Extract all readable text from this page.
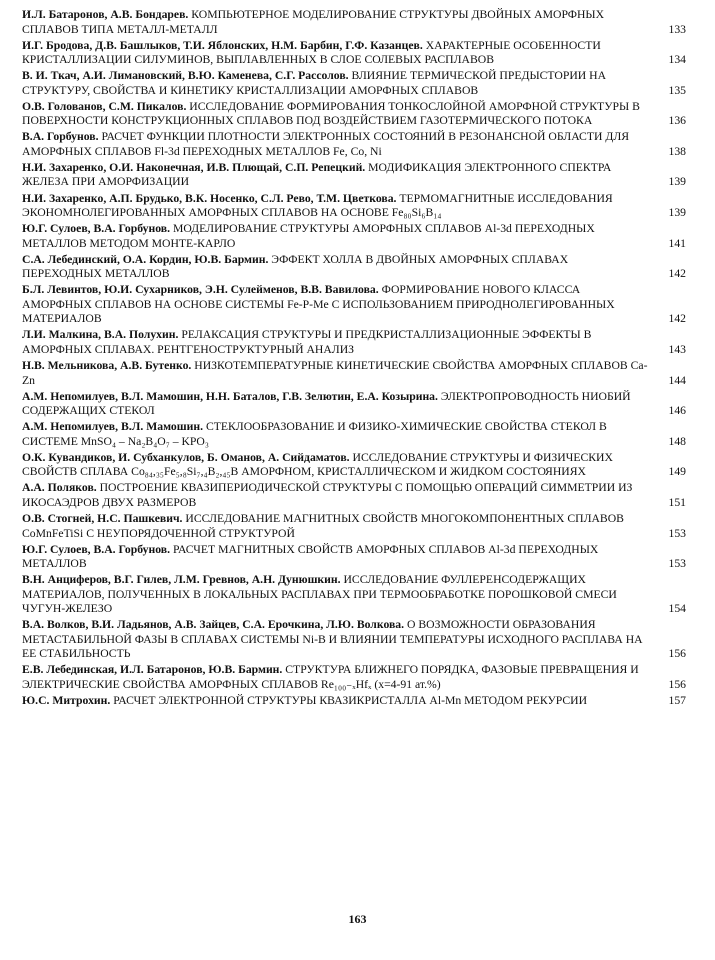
И.Л. Батаронов, А.В. Бондарев. КОМПЬЮТЕРНОЕ МОДЕЛИРОВАНИЕ СТРУКТУРЫ ДВОЙНЫХ АМОРФНЫХ СПЛАВОВ ТИПА МЕТАЛЛ-МЕТАЛЛ	133
И.Г. Бродова, Д.В. Башлыков, Т.И. Яблонских, Н.М. Барбин, Г.Ф. Казанцев. ХАРАКТЕРНЫЕ ОСОБЕННОСТИ КРИСТАЛЛИЗАЦИИ СИЛУМИНОВ, ВЫПЛАВЛЕННЫХ В СЛОЕ СОЛЕВЫХ РАСПЛАВОВ	134
В. И. Ткач, А.И. Лимановский, В.Ю. Каменева, С.Г. Рассолов. ВЛИЯНИЕ ТЕРМИЧЕСКОЙ ПРЕДЫСТОРИИ НА СТРУКТУРУ, СВОЙСТВА И КИНЕТИКУ КРИСТАЛЛИЗАЦИИ АМОРФНЫХ СПЛАВОВ	135
О.В. Голованов, С.М. Пикалов. ИССЛЕДОВАНИЕ ФОРМИРОВАНИЯ ТОНКОСЛОЙНОЙ АМОРФНОЙ СТРУКТУРЫ В ПОВЕРХНОСТИ КОНСТРУКЦИОННЫХ СПЛАВОВ ПОД ВОЗДЕЙСТВИЕМ ГАЗОТЕРМИЧЕСКОГО ПОТОКА	136
В.А. Горбунов. РАСЧЕТ ФУНКЦИИ ПЛОТНОСТИ ЭЛЕКТРОННЫХ СОСТОЯНИЙ В РЕЗОНАНСНОЙ ОБЛАСТИ ДЛЯ АМОРФНЫХ СПЛАВОВ Fl-3d ПЕРЕХОДНЫХ МЕТАЛЛОВ Fe, Co, Ni	138
Н.И. Захаренко, О.И. Наконечная, И.В. Плющай, С.П. Репецкий. МОДИФИКАЦИЯ ЭЛЕКТРОННОГО СПЕКТРА ЖЕЛЕЗА ПРИ АМОРФИЗАЦИИ	139
Н.И. Захаренко, А.П. Брудько, В.К. Носенко, С.Л. Рево, Т.М. Цветкова. ТЕРМОМАГНИТНЫЕ ИССЛЕДОВАНИЯ ЭКОНОМНОЛЕГИРОВАННЫХ АМОРФНЫХ СПЛАВОВ НА ОСНОВЕ Fe₈₀Si₆B₁₄	139
Ю.Г. Сулоев, В.А. Горбунов. МОДЕЛИРОВАНИЕ СТРУКТУРЫ АМОРФНЫХ СПЛАВОВ Al-3d ПЕРЕХОДНЫХ МЕТАЛЛОВ МЕТОДОМ МОНТЕ-КАРЛО	141
С.А. Лебединский, О.А. Кордин, Ю.В. Бармин. ЭФФЕКТ ХОЛЛА В ДВОЙНЫХ АМОРФНЫХ СПЛАВАХ ПЕРЕХОДНЫХ МЕТАЛЛОВ	142
Б.Л. Левинтов, Ю.И. Сухарников, Э.Н. Сулейменов, В.В. Вавилова. ФОРМИРОВАНИЕ НОВОГО КЛАССА АМОРФНЫХ СПЛАВОВ НА ОСНОВЕ СИСТЕМЫ Fe-P-Me С ИСПОЛЬЗОВАНИЕМ ПРИРОДНОЛЕГИРОВАННЫХ МАТЕРИАЛОВ	142
Л.И. Малкина, В.А. Полухин. РЕЛАКСАЦИЯ СТРУКТУРЫ И ПРЕДКРИСТАЛЛИЗАЦИОННЫЕ ЭФФЕКТЫ В АМОРФНЫХ СПЛАВАХ. РЕНТГЕНОСТРУКТУРНЫЙ АНАЛИЗ	143
Н.В. Мельникова, А.В. Бутенко. НИЗКОТЕМПЕРАТУРНЫЕ КИНЕТИЧЕСКИЕ СВОЙСТВА АМОРФНЫХ СПЛАВОВ Ca-Zn	144
А.М. Непомилуев, В.Л. Мамошин, Н.Н. Баталов, Г.В. Зелютин, Е.А. Козырина. ЭЛЕКТРОПРОВОДНОСТЬ НИОБИЙ СОДЕРЖАЩИХ СТЕКОЛ	146
А.М. Непомилуев, В.Л. Мамошин. СТЕКЛООБРАЗОВАНИЕ И ФИЗИКО-ХИМИЧЕСКИЕ СВОЙСТВА СТЕКОЛ В СИСТЕМЕ MnSO₄ – Na₂B₄O₇ – KPO₃	148
О.К. Кувандиков, И. Субханкулов, Б. Оманов, А. Сийдаматов. ИССЛЕДОВАНИЕ СТРУКТУРЫ И ФИЗИЧЕСКИХ СВОЙСТВ СПЛАВА Co₈₄,₃₅Fe₅,₈Si₇,₄B₂,₄₅B АМОРФНОМ, КРИСТАЛЛИЧЕСКОМ И ЖИДКОМ СОСТОЯНИЯХ	149
А.А. Поляков. ПОСТРОЕНИЕ КВАЗИПЕРИОДИЧЕСКОЙ СТРУКТУРЫ С ПОМОЩЬЮ ОПЕРАЦИЙ СИММЕТРИИ ИЗ ИКОСАЭДРОВ ДВУХ РАЗМЕРОВ	151
О.В. Стогней, Н.С. Пашкевич. ИССЛЕДОВАНИЕ МАГНИТНЫХ СВОЙСТВ МНОГОКОМПОНЕНТНЫХ СПЛАВОВ CoMnFeTiSi С НЕУПОРЯДОЧЕННОЙ СТРУКТУРОЙ	153
Ю.Г. Сулоев, В.А. Горбунов. РАСЧЕТ МАГНИТНЫХ СВОЙСТВ АМОРФНЫХ СПЛАВОВ Al-3d ПЕРЕХОДНЫХ МЕТАЛЛОВ	153
В.Н. Анциферов, В.Г. Гилев, Л.М. Гревнов, А.Н. Дунюшкин. ИССЛЕДОВАНИЕ ФУЛЛЕРЕНСОДЕРЖАЩИХ МАТЕРИАЛОВ, ПОЛУЧЕННЫХ В ЛОКАЛЬНЫХ РАСПЛАВАХ ПРИ ТЕРМООБРАБОТКЕ ПОРОШКОВОЙ СМЕСИ ЧУГУН-ЖЕЛЕЗО	154
В.А. Волков, В.И. Ладьянов, А.В. Зайцев, С.А. Ерочкина, Л.Ю. Волкова. О ВОЗМОЖНОСТИ ОБРАЗОВАНИЯ МЕТАСТАБИЛЬНОЙ ФАЗЫ В СПЛАВАХ СИСТЕМЫ Ni-B И ВЛИЯНИИ ТЕМПЕРАТУРЫ ИСХОДНОГО РАСПЛАВА НА ЕЕ СТАБИЛЬНОСТЬ	156
Е.В. Лебединская, И.Л. Батаронов, Ю.В. Бармин. СТРУКТУРА БЛИЖНЕГО ПОРЯДКА, ФАЗОВЫЕ ПРЕВРАЩЕНИЯ И ЭЛЕКТРИЧЕСКИЕ СВОЙСТВА АМОРФНЫХ СПЛАВОВ Re₁₀₀₋ₓHfₓ (x=4-91 ат.%)	156
Ю.С. Митрохин. РАСЧЕТ ЭЛЕКТРОННОЙ СТРУКТУРЫ КВАЗИКРИСТАЛЛА Al-Mn МЕТОДОМ РЕКУРСИИ	157
163
